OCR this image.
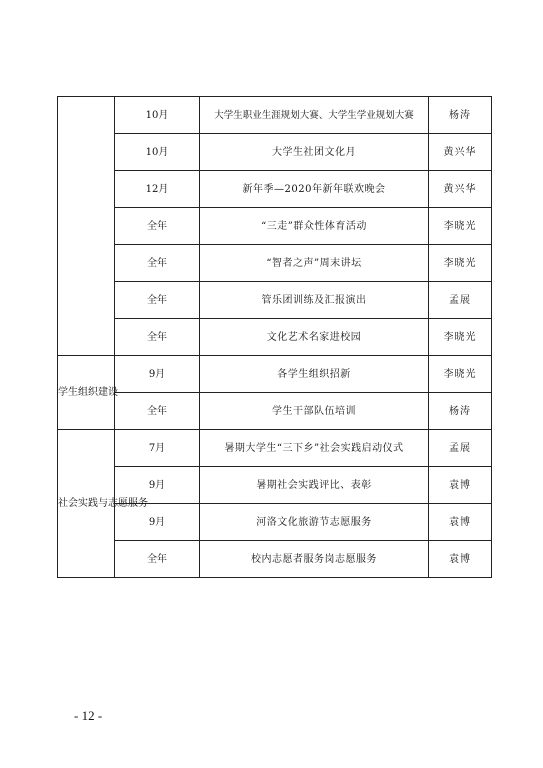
	10月	大学生职业生涯规划大赛、大学生学业规划大赛	杨涛
	10月	大学生社团文化月	黄兴华
	12月	新年季—2020年新年联欢晚会	黄兴华
	全年	“三走”群众性体育活动	李晓光
	全年	“智者之声”周末讲坛	李晓光
	全年	管乐团训练及汇报演出	孟展
	全年	文化艺术名家进校园	李晓光
学生组织建设	9月	各学生组织招新	李晓光
	全年	学生干部队伍培训	杨涛
社会实践与志愿服务	7月	暑期大学生“三下乡”社会实践启动仪式	孟展
	9月	暑期社会实践评比、表彰	袁博
	9月	河洛文化旅游节志愿服务	袁博
	全年	校内志愿者服务岗志愿服务	袁博
- 12 -
